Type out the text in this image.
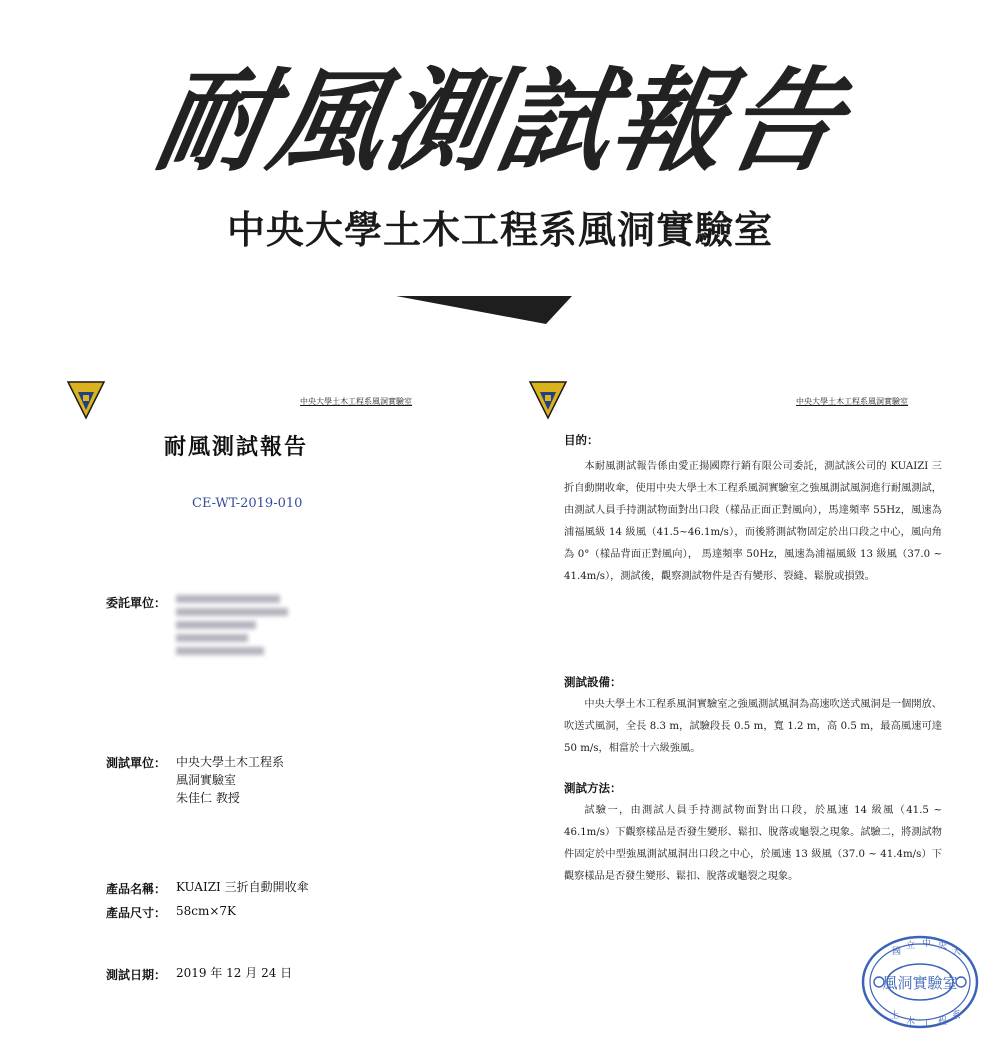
耐風測試報告
中央大學土木工程系風洞實驗室
中央大學土木工程系風洞實驗室
耐風測試報告
CE-WT-2019-010
委託單位：
測試單位： 中央大學土木工程系
風洞實驗室
朱佳仁 教授
產品名稱： KUAIZI 三折自動開收傘
產品尺寸： 58cm×7K
測試日期： 2019 年 12 月 24 日
中央大學土木工程系風洞實驗室
目的：
本耐風測試報告係由愛正揚國際行銷有限公司委託，測試該公司的 KUAIZI 三折自動開收傘，使用中央大學土木工程系風洞實驗室之強風測試風洞進行耐風測試，由測試人員手持測試物面對出口段（樣品正面正對風向），馬達頻率 55Hz，風速為浦福風級 14 級風（41.5~46.1m/s），而後將測試物固定於出口段之中心，風向角為 0°（樣品背面正對風向）， 馬達頻率 50Hz，風速為浦福風級 13 級風（37.0 ~ 41.4m/s），測試後，觀察測試物件是否有變形、裂縫、鬆脫或損毀。
測試設備：
中央大學土木工程系風洞實驗室之強風測試風洞為高速吹送式風洞是一個開放、吹送式風洞，全長 8.3 m，試驗段長 0.5 m，寬 1.2 m，高 0.5 m，最高風速可達 50 m/s，相當於十六級強風。
測試方法：
試驗一，由測試人員手持測試物面對出口段，於風速 14 級風（41.5 ~ 46.1m/s）下觀察樣品是否發生變形、鬆扣、脫落或龜裂之現象。試驗二，將測試物件固定於中型強風測試風洞出口段之中心，於風速 13 級風（37.0 ~ 41.4m/s）下觀察樣品是否發生變形、鬆扣、脫落或龜裂之現象。
風洞實驗室
國
立 中 央
大
土
木 工 程
系
